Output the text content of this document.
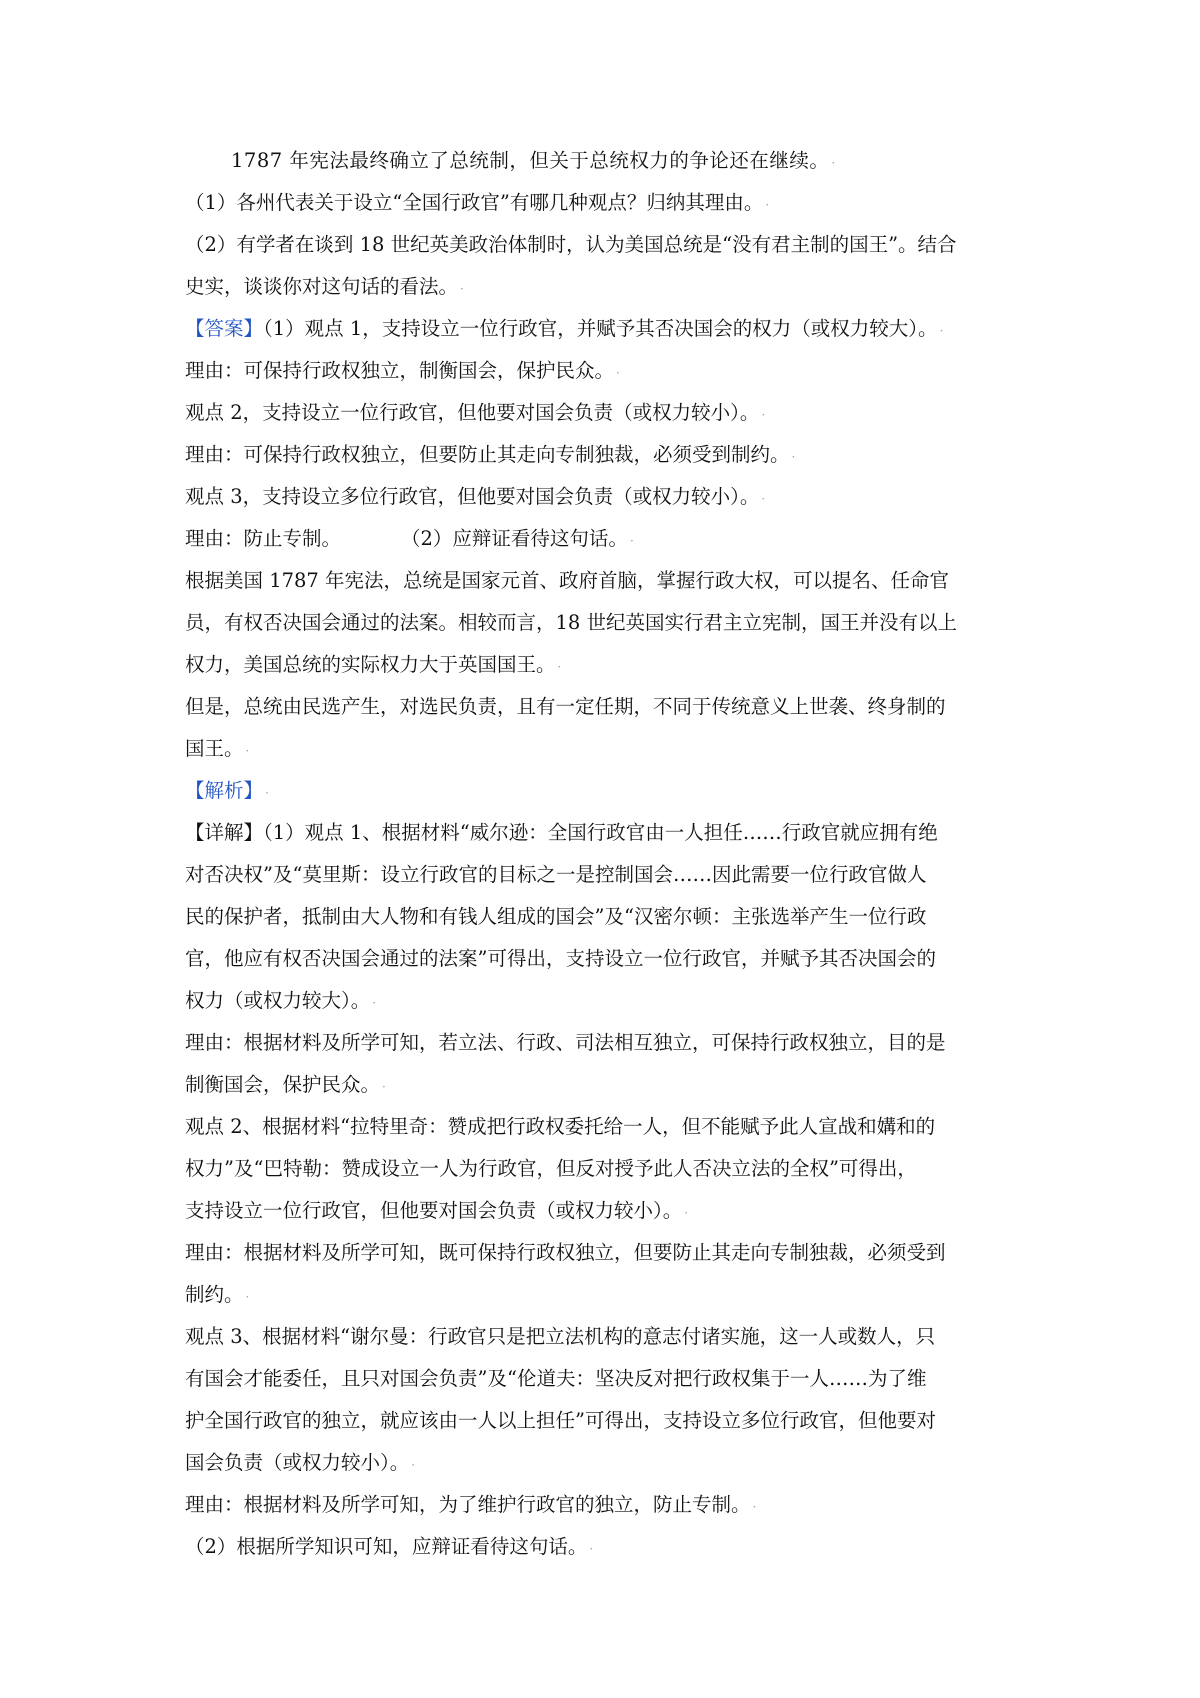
1787 年宪法最终确立了总统制，但关于总统权力的争论还在继续。·
（1）各州代表关于设立“全国行政官”有哪几种观点？归纳其理由。·
（2）有学者在谈到 18 世纪英美政治体制时，认为美国总统是“没有君主制的国王”。结合
史实，谈谈你对这句话的看法。·
【答案】（1）观点 1，支持设立一位行政官，并赋予其否决国会的权力（或权力较大）。·
理由：可保持行政权独立，制衡国会，保护民众。·
观点 2，支持设立一位行政官，但他要对国会负责（或权力较小）。·
理由：可保持行政权独立，但要防止其走向专制独裁，必须受到制约。·
观点 3，支持设立多位行政官，但他要对国会负责（或权力较小）。·
理由：防止专制。	（2）应辩证看待这句话。·
根据美国 1787 年宪法，总统是国家元首、政府首脑，掌握行政大权，可以提名、任命官
员，有权否决国会通过的法案。相较而言，18 世纪英国实行君主立宪制，国王并没有以上
权力，美国总统的实际权力大于英国国王。·
但是，总统由民选产生，对选民负责，且有一定任期，不同于传统意义上世袭、终身制的
国王。·
【解析】·
【详解】（1）观点 1、根据材料“威尔逊：全国行政官由一人担任……行政官就应拥有绝
对否决权”及“莫里斯：设立行政官的目标之一是控制国会……因此需要一位行政官做人
民的保护者，抵制由大人物和有钱人组成的国会”及“汉密尔顿：主张选举产生一位行政
官，他应有权否决国会通过的法案”可得出，支持设立一位行政官，并赋予其否决国会的
权力（或权力较大）。·
理由：根据材料及所学可知，若立法、行政、司法相互独立，可保持行政权独立，目的是
制衡国会，保护民众。·
观点 2、根据材料“拉特里奇：赞成把行政权委托给一人，但不能赋予此人宣战和媾和的
权力”及“巴特勒：赞成设立一人为行政官，但反对授予此人否决立法的全权”可得出，
支持设立一位行政官，但他要对国会负责（或权力较小）。·
理由：根据材料及所学可知，既可保持行政权独立，但要防止其走向专制独裁，必须受到
制约。·
观点 3、根据材料“谢尔曼：行政官只是把立法机构的意志付诸实施，这一人或数人，只
有国会才能委任，且只对国会负责”及“伦道夫：坚决反对把行政权集于一人……为了维
护全国行政官的独立，就应该由一人以上担任”可得出，支持设立多位行政官，但他要对
国会负责（或权力较小）。·
理由：根据材料及所学可知，为了维护行政官的独立，防止专制。·
（2）根据所学知识可知，应辩证看待这句话。·
